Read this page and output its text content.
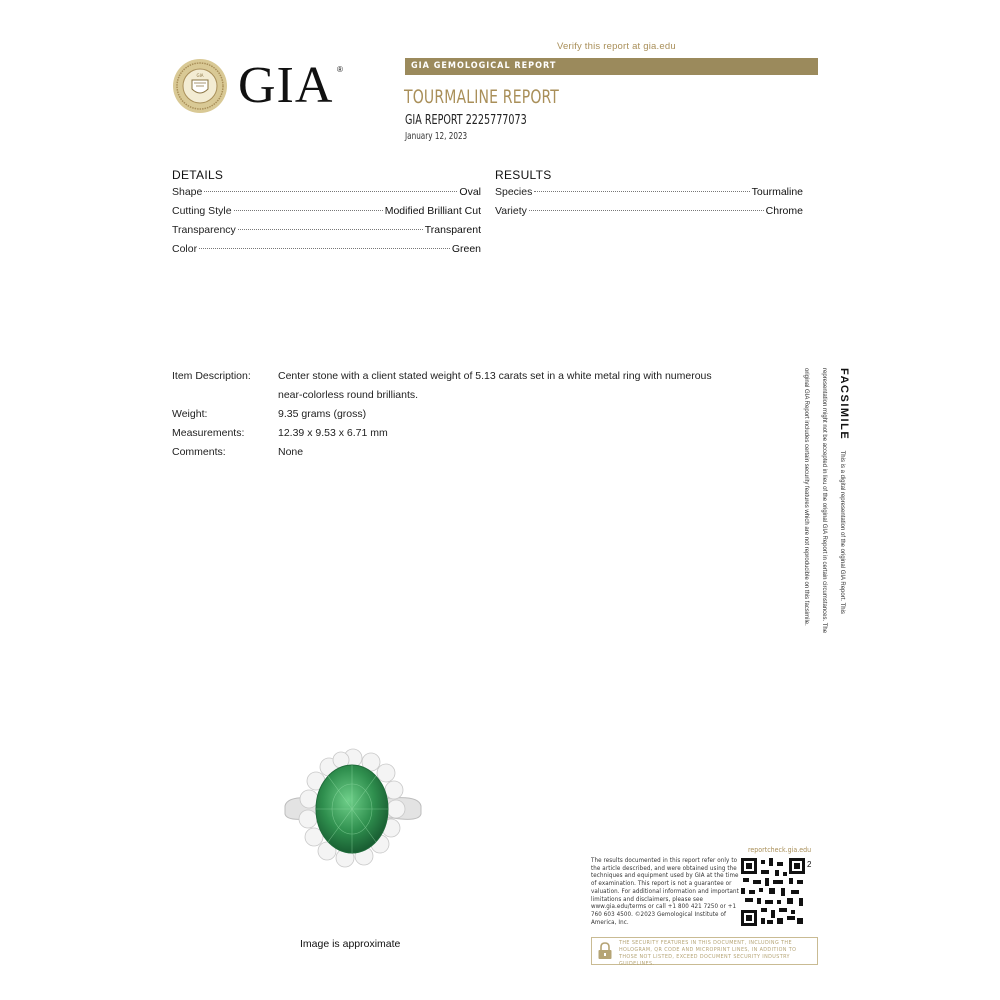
Verify this report at gia.edu
GIA GEMOLOGICAL REPORT
TOURMALINE REPORT
GIA REPORT 2225777073
January 12, 2023
GIA GIA ®
DETAILS
Shape	Oval
Cutting Style	Modified Brilliant Cut
Transparency	Transparent
Color	Green
RESULTS
Species	Tourmaline
Variety	Chrome
Item Description:	Center stone with a client stated weight of 5.13 carats set in a white metal ring with numerous
near-colorless round brilliants.
Weight:	9.35 grams (gross)
Measurements:	12.39 x 9.53 x 6.71 mm
Comments:	None
FACSIMILE This is a digital representation of the original GIA Report. This representation might not be accepted in lieu of the original GIA Report in certain circumstances. The original GIA Report includes certain security features which are not reproducible on this facsimile.
Image is approximate
The results documented in this report refer only to the article described, and were obtained using the techniques and equipment used by GIA at the time of examination. This report is not a guarantee or valuation. For additional information and important limitations and disclaimers, please see www.gia.edu/terms or call +1 800 421 7250 or +1 760 603 4500. ©2023 Gemological Institute of America, Inc.
reportcheck.gia.edu
2
THE SECURITY FEATURES IN THIS DOCUMENT, INCLUDING THE HOLOGRAM, QR CODE AND MICROPRINT LINES, IN ADDITION TO THOSE NOT LISTED, EXCEED DOCUMENT SECURITY INDUSTRY GUIDELINES.
